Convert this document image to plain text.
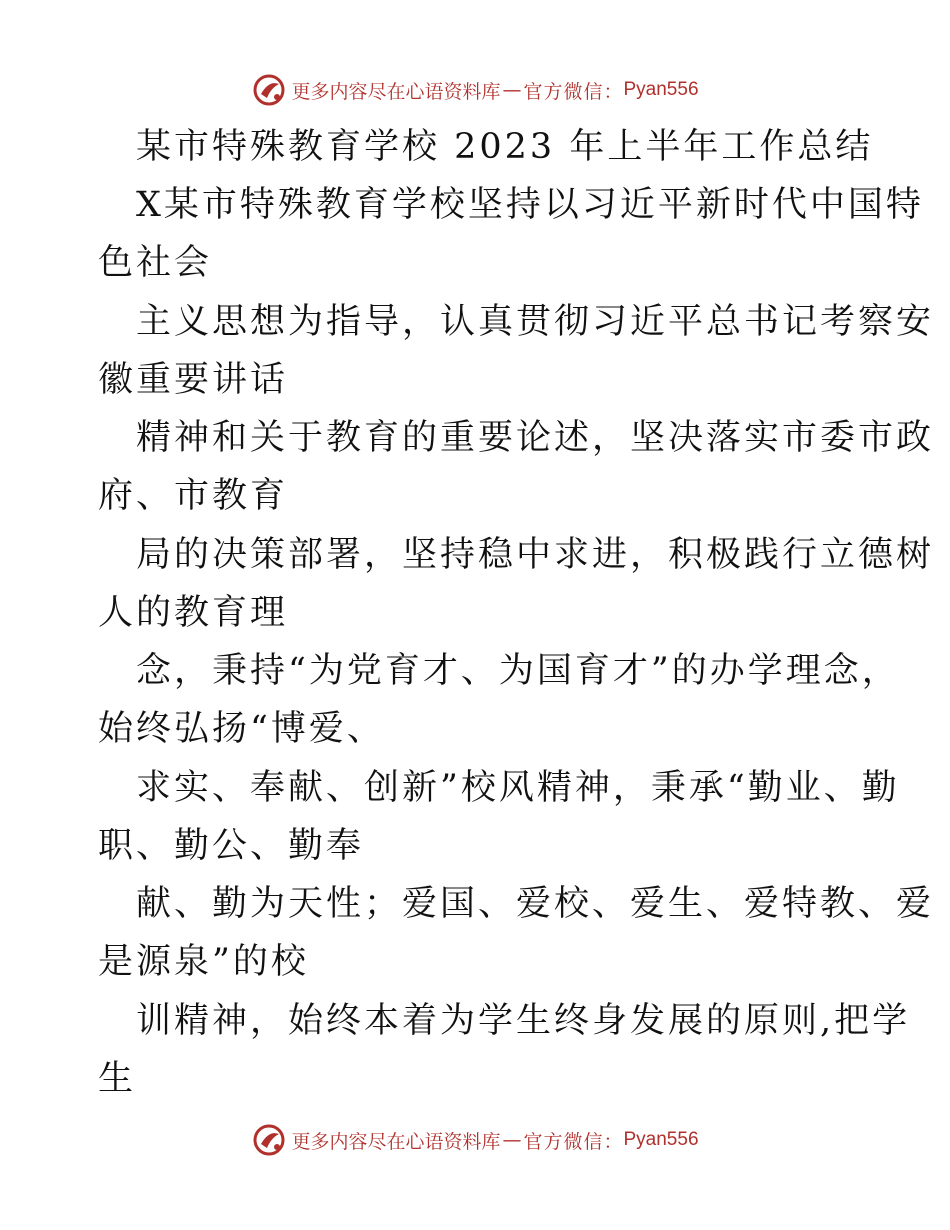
更多内容尽在心语资料库 — 官方微信： Pyan556
某市特殊教育学校 2023 年上半年工作总结
X某市特殊教育学校坚持以习近平新时代中国特
色社会
主义思想为指导，认真贯彻习近平总书记考察安
徽重要讲话
精神和关于教育的重要论述，坚决落实市委市政
府、市教育
局的决策部署，坚持稳中求进，积极践行立德树
人的教育理
念，秉持“为党育才、为国育才”的办学理念，
始终弘扬“博爱、
求实、奉献、创新”校风精神，秉承“勤业、勤
职、勤公、勤奉
献、勤为天性；爱国、爱校、爱生、爱特教、爱
是源泉”的校
训精神，始终本着为学生终身发展的原则,把学
生
更多内容尽在心语资料库 — 官方微信： Pyan556
